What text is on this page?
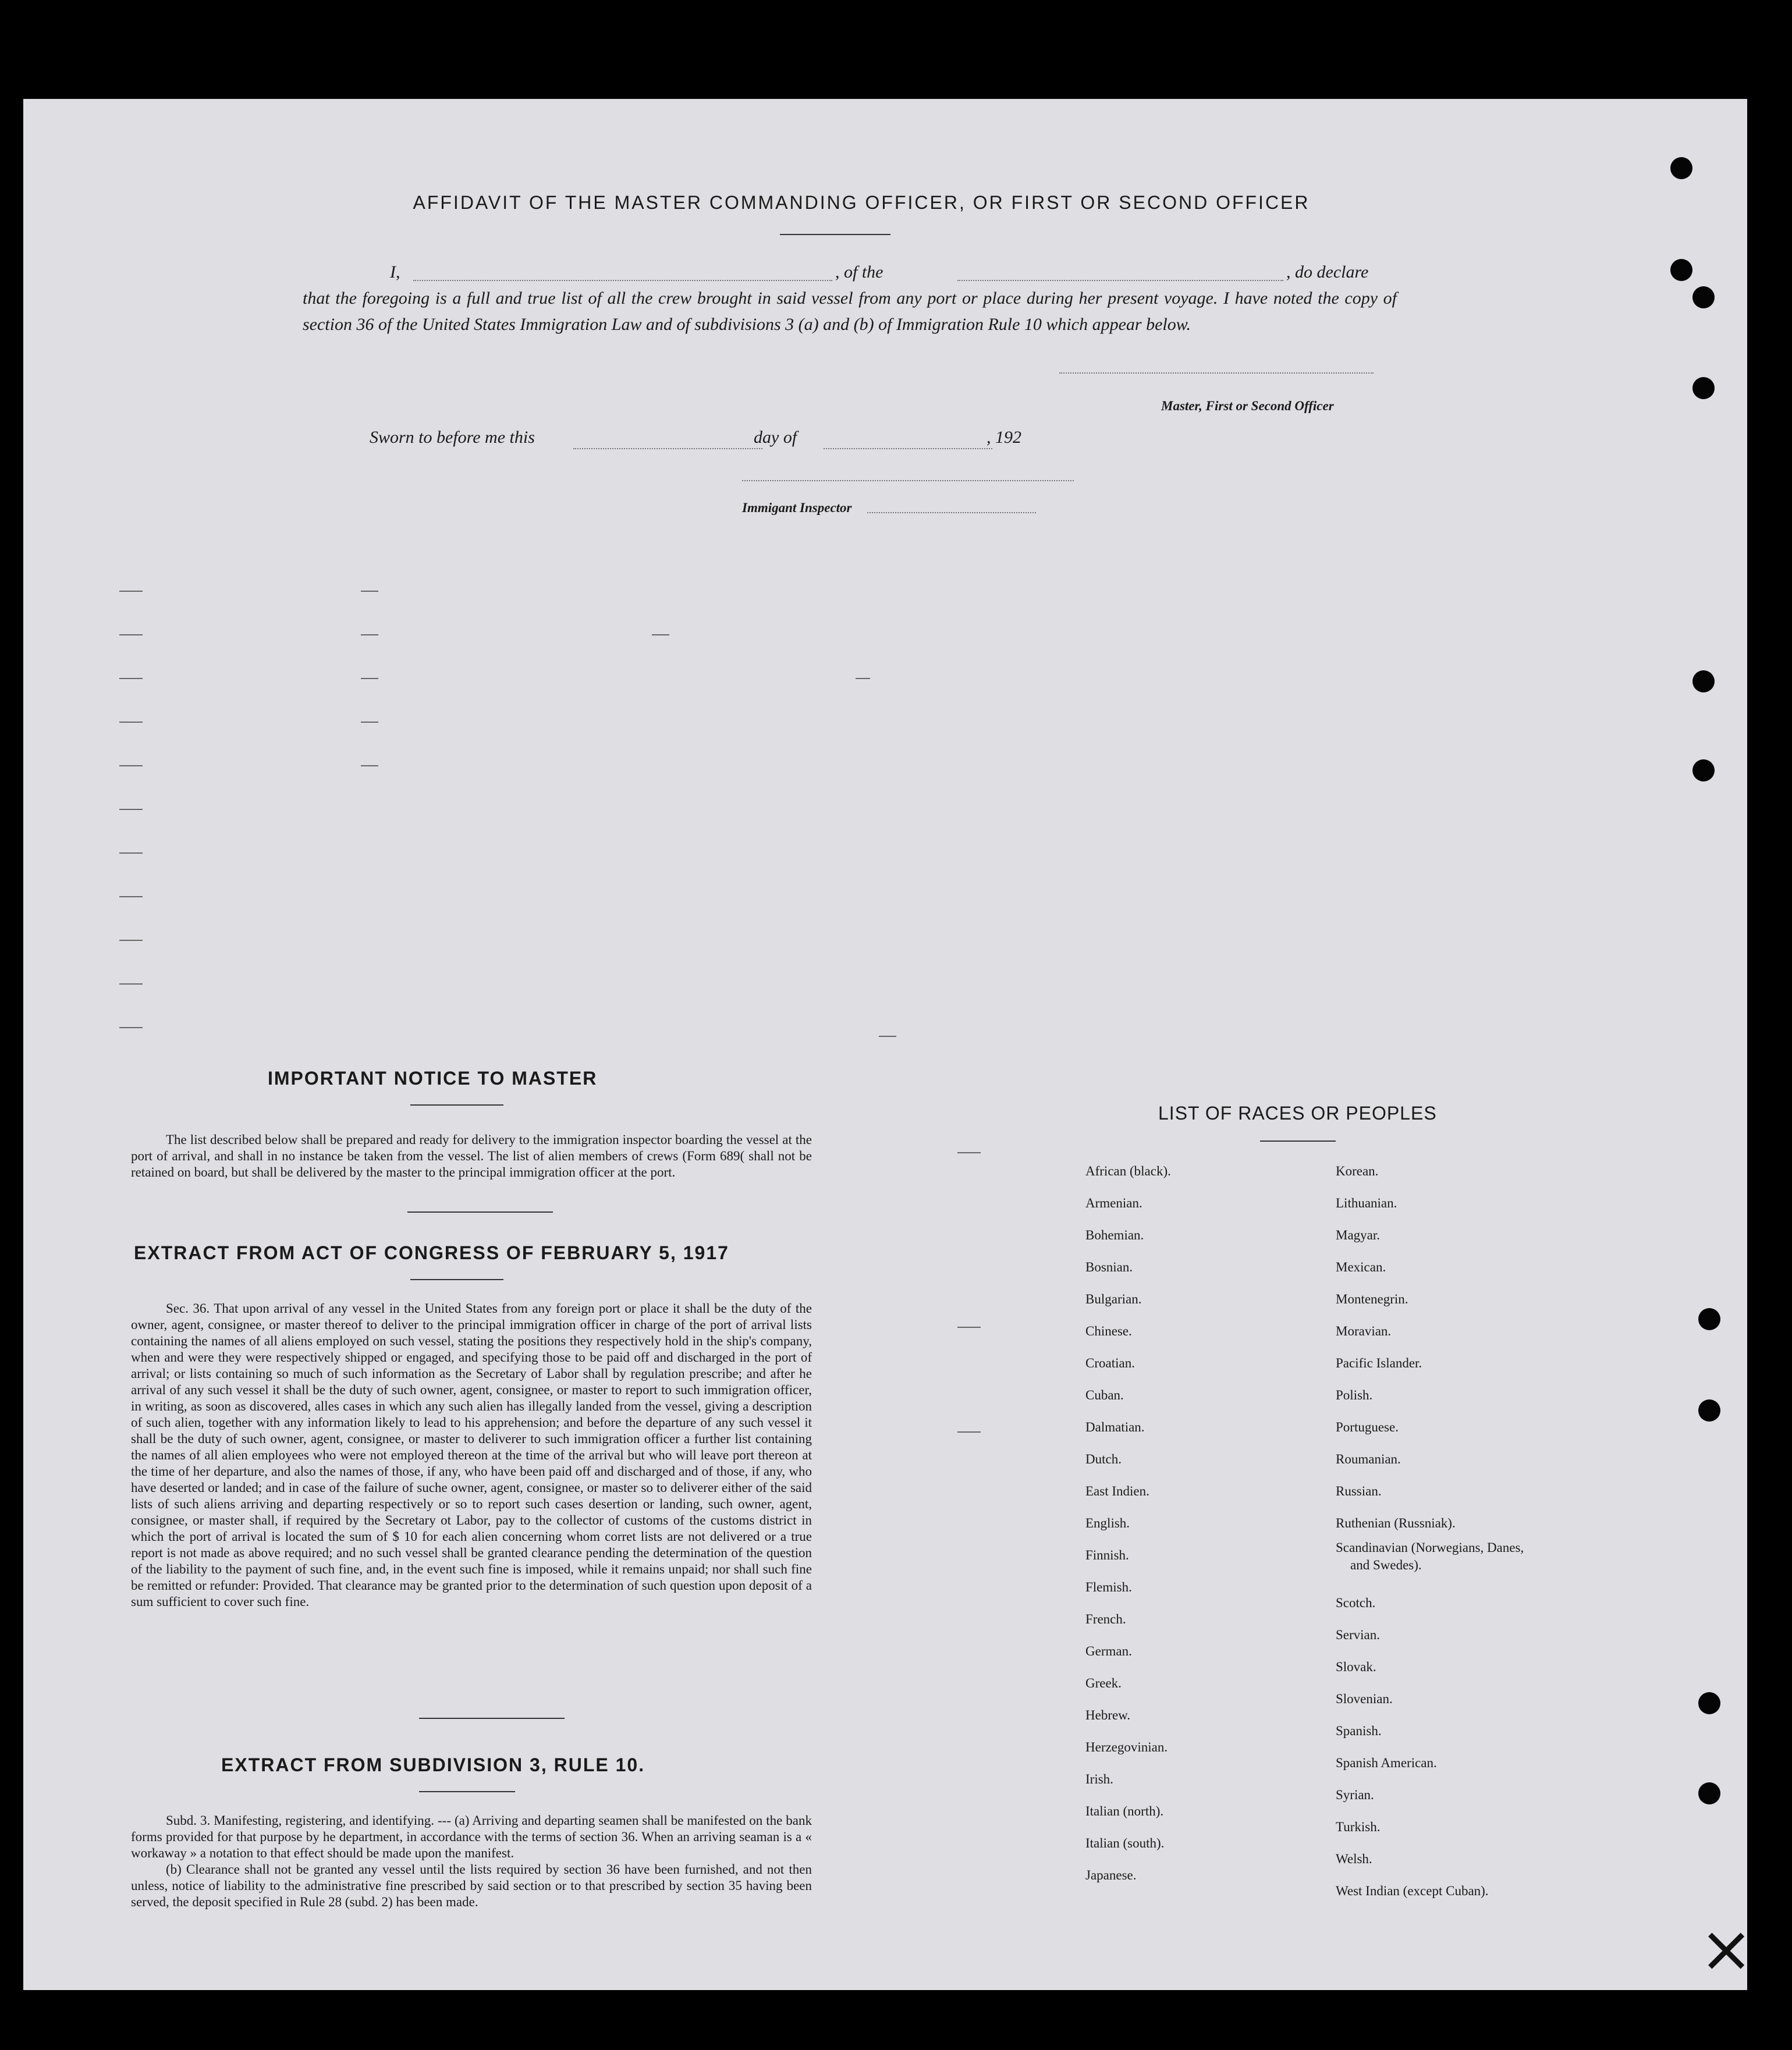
AFFIDAVIT OF THE MASTER COMMANDING OFFICER, OR FIRST OR SECOND OFFICER
I,	, of the	, do declare

that the foregoing is a full and true list of all the crew brought in said vessel from any port or place during her present voyage. I have noted the copy of section 36 of the United States Immigration Law and of subdivisions 3 (a) and (b) of Immigration Rule 10 which appear below.

Master, First or Second Officer
Sworn to before me this	day of	, 192
Immigant Inspector
IMPORTANT NOTICE TO MASTER

The list described below shall be prepared and ready for delivery to the immigration inspector boarding the vessel at the port of arrival, and shall in no instance be taken from the vessel. The list of alien members of crews (Form 689( shall not be retained on board, but shall be delivered by the master to the principal immigration officer at the port.

EXTRACT FROM ACT OF CONGRESS OF FEBRUARY 5, 1917

Sec. 36. That upon arrival of any vessel in the United States from any foreign port or place it shall be the duty of the owner, agent, consignee, or master thereof to deliver to the principal immigration officer in charge of the port of arrival lists containing the names of all aliens employed on such vessel, stating the positions they respectively hold in the ship's company, when and were they were respectively shipped or engaged, and specifying those to be paid off and discharged in the port of arrival; or lists containing so much of such information as the Secretary of Labor shall by regulation prescribe; and after he arrival of any such vessel it shall be the duty of such owner, agent, consignee, or master to report to such immigration officer, in writing, as soon as discovered, alles cases in which any such alien has illegally landed from the vessel, giving a description of such alien, together with any information likely to lead to his apprehension; and before the departure of any such vessel it shall be the duty of such owner, agent, consignee, or master to deliverer to such immigration officer a further list containing the names of all alien employees who were not employed thereon at the time of the arrival but who will leave port thereon at the time of her departure, and also the names of those, if any, who have been paid off and discharged and of those, if any, who have deserted or landed; and in case of the failure of suche owner, agent, consignee, or master so to deliverer either of the said lists of such aliens arriving and departing respectively or so to report such cases desertion or landing, such owner, agent, consignee, or master shall, if required by the Secretary ot Labor, pay to the collector of customs of the customs district in which the port of arrival is located the sum of $ 10 for each alien concerning whom corret lists are not delivered or a true report is not made as above required; and no such vessel shall be granted clearance pending the determination of the question of the liability to the payment of such fine, and, in the event such fine is imposed, while it remains unpaid; nor shall such fine be remitted or refunder: Provided. That clearance may be granted prior to the determination of such question upon deposit of a sum sufficient to cover such fine.

EXTRACT FROM SUBDIVISION 3, RULE 10.

Subd. 3. Manifesting, registering, and identifying. --- (a) Arriving and departing seamen shall be manifested on the bank forms provided for that purpose by he department, in accordance with the terms of section 36. When an arriving seaman is a « workaway » a notation to that effect should be made upon the manifest.

(b) Clearance shall not be granted any vessel until the lists required by section 36 have been furnished, and not then unless, notice of liability to the administrative fine prescribed by said section or to that prescribed by section 35 having been served, the deposit specified in Rule 28 (subd. 2) has been made.

LIST OF RACES OR PEOPLES
African (black).
Armenian.
Bohemian.
Bosnian.
Bulgarian.
Chinese.
Croatian.
Cuban.
Dalmatian.
Dutch.
East Indien.
English.
Finnish.
Flemish.
French.
German.
Greek.
Hebrew.
Herzegovinian.
Irish.
Italian (north).
Italian (south).
Japanese.
Korean.
Lithuanian.
Magyar.
Mexican.
Montenegrin.
Moravian.
Pacific Islander.
Polish.
Portuguese.
Roumanian.
Russian.
Ruthenian (Russniak).
Scandinavian (Norwegians, Danes, and Swedes).
Scotch.
Servian.
Slovak.
Slovenian.
Spanish.
Spanish American.
Syrian.
Turkish.
Welsh.
West Indian (except Cuban).
×
